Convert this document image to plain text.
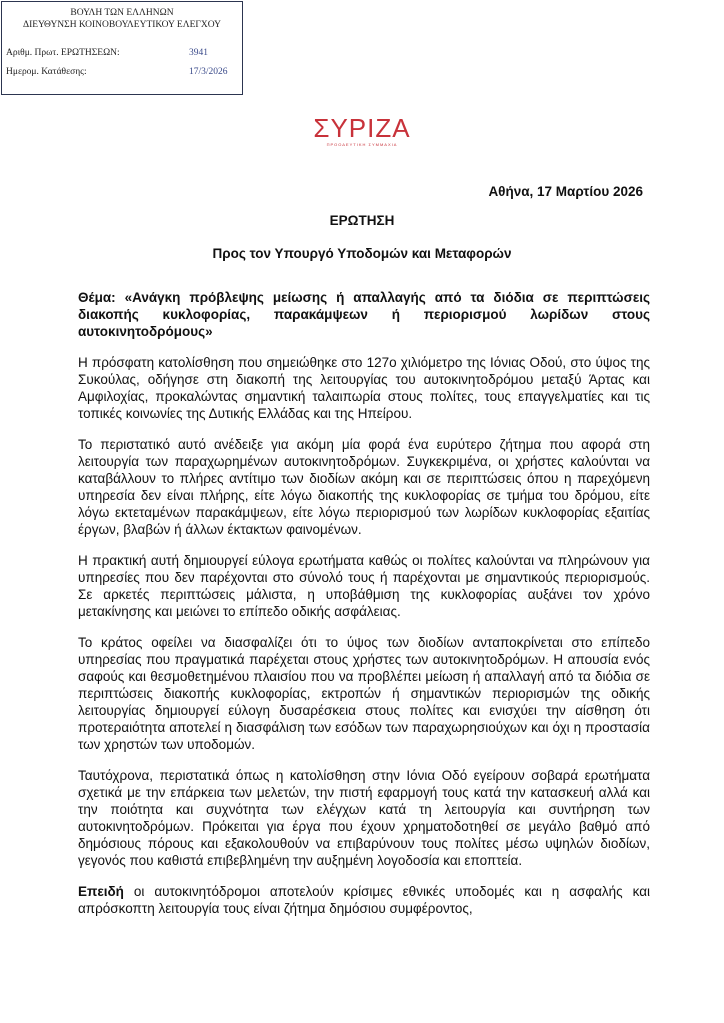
ΒΟΥΛΗ ΤΩΝ ΕΛΛΗΝΩΝ
ΔΙΕΥΘΥΝΣΗ ΚΟΙΝΟΒΟΥΛΕΥΤΙΚΟΥ ΕΛΕΓΧΟΥ
Αριθμ. Πρωτ. ΕΡΩΤΗΣΕΩΝ:	3941
Ημερομ. Κατάθεσης:	17/3/2026
ΣΥΡΙΖΑ
ΠΡΟΟΔΕΥΤΙΚΗ ΣΥΜΜΑΧΙΑ
Αθήνα, 17 Μαρτίου 2026
ΕΡΩΤΗΣΗ
Προς τον Υπουργό Υποδομών και Μεταφορών

Θέμα: «Ανάγκη πρόβλεψης μείωσης ή απαλλαγής από τα διόδια σε περιπτώσεις διακοπής κυκλοφορίας, παρακάμψεων ή περιορισμού λωρίδων στους αυτοκινητοδρόμους»

Η πρόσφατη κατολίσθηση που σημειώθηκε στο 127ο χιλιόμετρο της Ιόνιας Οδού, στο ύψος της Συκούλας, οδήγησε στη διακοπή της λειτουργίας του αυτοκινητοδρόμου μεταξύ Άρτας και Αμφιλοχίας, προκαλώντας σημαντική ταλαιπωρία στους πολίτες, τους επαγγελματίες και τις τοπικές κοινωνίες της Δυτικής Ελλάδας και της Ηπείρου.

Το περιστατικό αυτό ανέδειξε για ακόμη μία φορά ένα ευρύτερο ζήτημα που αφορά στη λειτουργία των παραχωρημένων αυτοκινητοδρόμων. Συγκεκριμένα, οι χρήστες καλούνται να καταβάλλουν το πλήρες αντίτιμο των διοδίων ακόμη και σε περιπτώσεις όπου η παρεχόμενη υπηρεσία δεν είναι πλήρης, είτε λόγω διακοπής της κυκλοφορίας σε τμήμα του δρόμου, είτε λόγω εκτεταμένων παρακάμψεων, είτε λόγω περιορισμού των λωρίδων κυκλοφορίας εξαιτίας έργων, βλαβών ή άλλων έκτακτων φαινομένων.

Η πρακτική αυτή δημιουργεί εύλογα ερωτήματα καθώς οι πολίτες καλούνται να πληρώνουν για υπηρεσίες που δεν παρέχονται στο σύνολό τους ή παρέχονται με σημαντικούς περιορισμούς. Σε αρκετές περιπτώσεις μάλιστα, η υποβάθμιση της κυκλοφορίας αυξάνει τον χρόνο μετακίνησης και μειώνει το επίπεδο οδικής ασφάλειας.

Το κράτος οφείλει να διασφαλίζει ότι το ύψος των διοδίων ανταποκρίνεται στο επίπεδο υπηρεσίας που πραγματικά παρέχεται στους χρήστες των αυτοκινητοδρόμων. Η απουσία ενός σαφούς και θεσμοθετημένου πλαισίου που να προβλέπει μείωση ή απαλλαγή από τα διόδια σε περιπτώσεις διακοπής κυκλοφορίας, εκτροπών ή σημαντικών περιορισμών της οδικής λειτουργίας δημιουργεί εύλογη δυσαρέσκεια στους πολίτες και ενισχύει την αίσθηση ότι προτεραιότητα αποτελεί η διασφάλιση των εσόδων των παραχωρησιούχων και όχι η προστασία των χρηστών των υποδομών.

Ταυτόχρονα, περιστατικά όπως η κατολίσθηση στην Ιόνια Οδό εγείρουν σοβαρά ερωτήματα σχετικά με την επάρκεια των μελετών, την πιστή εφαρμογή τους κατά την κατασκευή αλλά και την ποιότητα και συχνότητα των ελέγχων κατά τη λειτουργία και συντήρηση των αυτοκινητοδρόμων. Πρόκειται για έργα που έχουν χρηματοδοτηθεί σε μεγάλο βαθμό από δημόσιους πόρους και εξακολουθούν να επιβαρύνουν τους πολίτες μέσω υψηλών διοδίων, γεγονός που καθιστά επιβεβλημένη την αυξημένη λογοδοσία και εποπτεία.

Επειδή οι αυτοκινητόδρομοι αποτελούν κρίσιμες εθνικές υποδομές και η ασφαλής και απρόσκοπτη λειτουργία τους είναι ζήτημα δημόσιου συμφέροντος,
